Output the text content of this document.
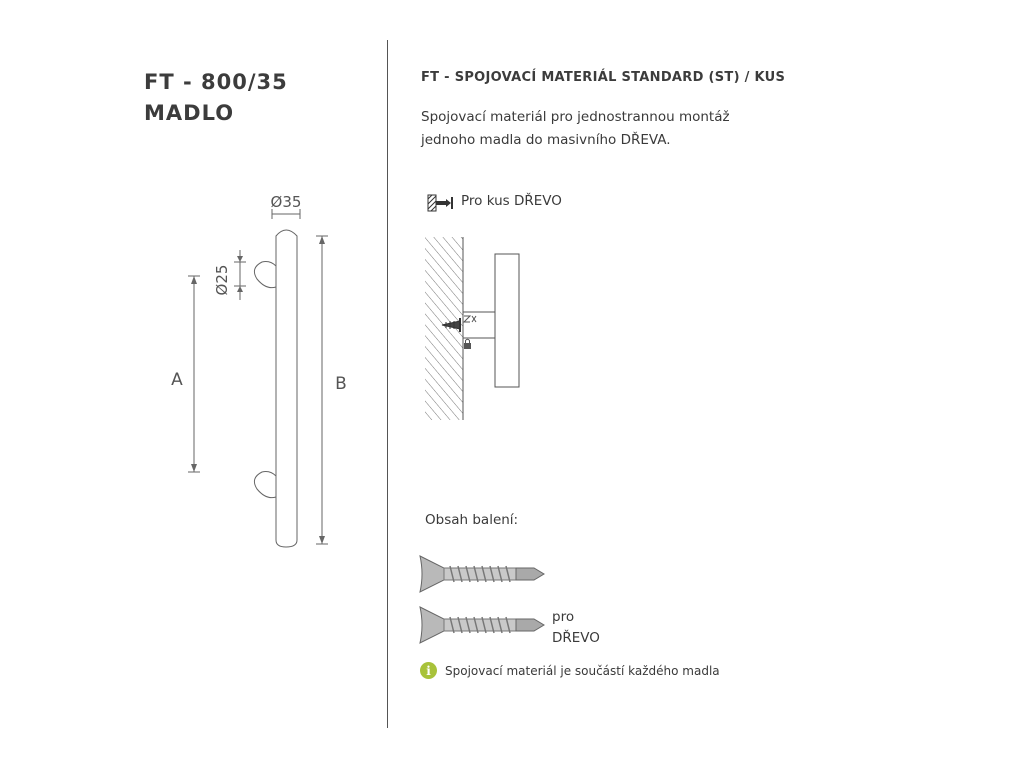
FT - 800/35
MADLO
Ø35
Ø25
A	B
FT - SPOJOVACÍ MATERIÁL STANDARD (ST) / KUS

Spojovací materiál pro jednostrannou montáž
jednoho madla do masivního DŘEVA.

Pro kus DŘEVO
Obsah balení:
pro
DŘEVO
i	Spojovací materiál je součástí každého madla
